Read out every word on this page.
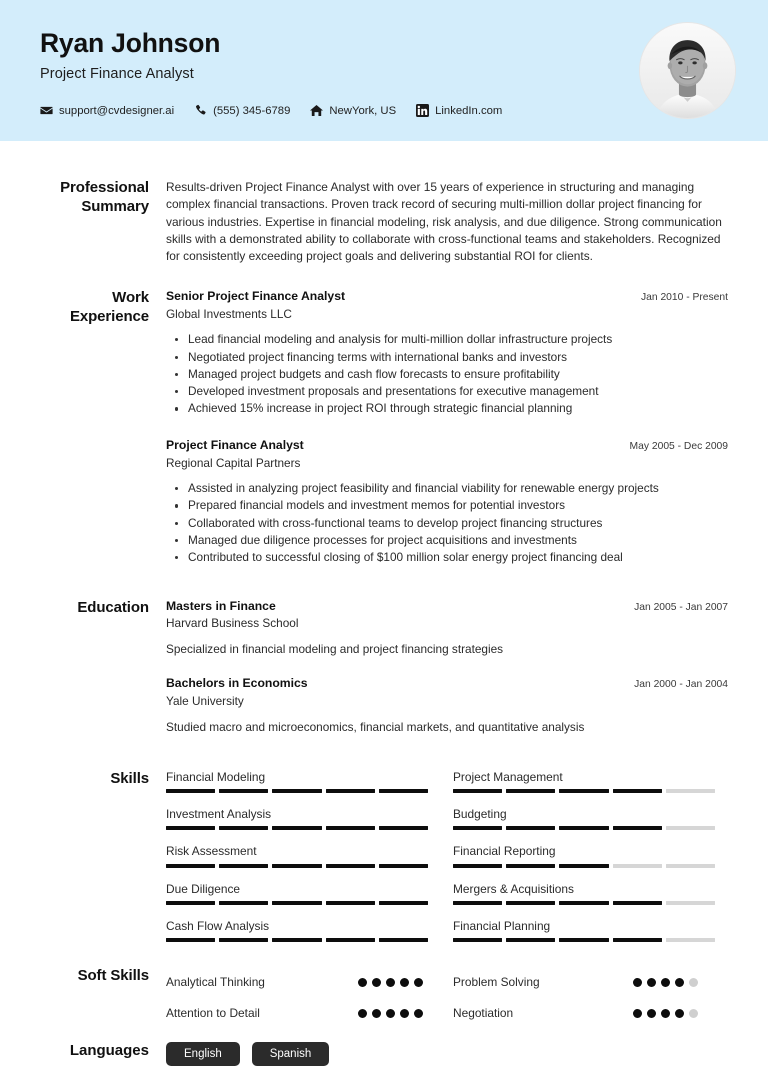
Ryan Johnson
Project Finance Analyst
support@cvdesigner.ai	(555) 345-6789	NewYork, US	LinkedIn.com
Professional Summary
Results-driven Project Finance Analyst with over 15 years of experience in structuring and managing complex financial transactions. Proven track record of securing multi-million dollar project financing for various industries. Expertise in financial modeling, risk analysis, and due diligence. Strong communication skills with a demonstrated ability to collaborate with cross-functional teams and stakeholders. Recognized for consistently exceeding project goals and delivering substantial ROI for clients.
Work Experience
Senior Project Finance Analyst	Jan 2010 - Present
Global Investments LLC
Lead financial modeling and analysis for multi-million dollar infrastructure projects
Negotiated project financing terms with international banks and investors
Managed project budgets and cash flow forecasts to ensure profitability
Developed investment proposals and presentations for executive management
Achieved 15% increase in project ROI through strategic financial planning
Project Finance Analyst	May 2005 - Dec 2009
Regional Capital Partners
Assisted in analyzing project feasibility and financial viability for renewable energy projects
Prepared financial models and investment memos for potential investors
Collaborated with cross-functional teams to develop project financing structures
Managed due diligence processes for project acquisitions and investments
Contributed to successful closing of $100 million solar energy project financing deal
Education	Masters in Finance	Jan 2005 - Jan 2007
Harvard Business School
Specialized in financial modeling and project financing strategies
Bachelors in Economics	Jan 2000 - Jan 2004
Yale University
Studied macro and microeconomics, financial markets, and quantitative analysis
Skills	Financial Modeling	Project Management
Investment Analysis	Budgeting
Risk Assessment	Financial Reporting
Due Diligence	Mergers & Acquisitions
Cash Flow Analysis	Financial Planning
Soft Skills	Analytical Thinking	Problem Solving
Attention to Detail	Negotiation
Languages	English	Spanish
